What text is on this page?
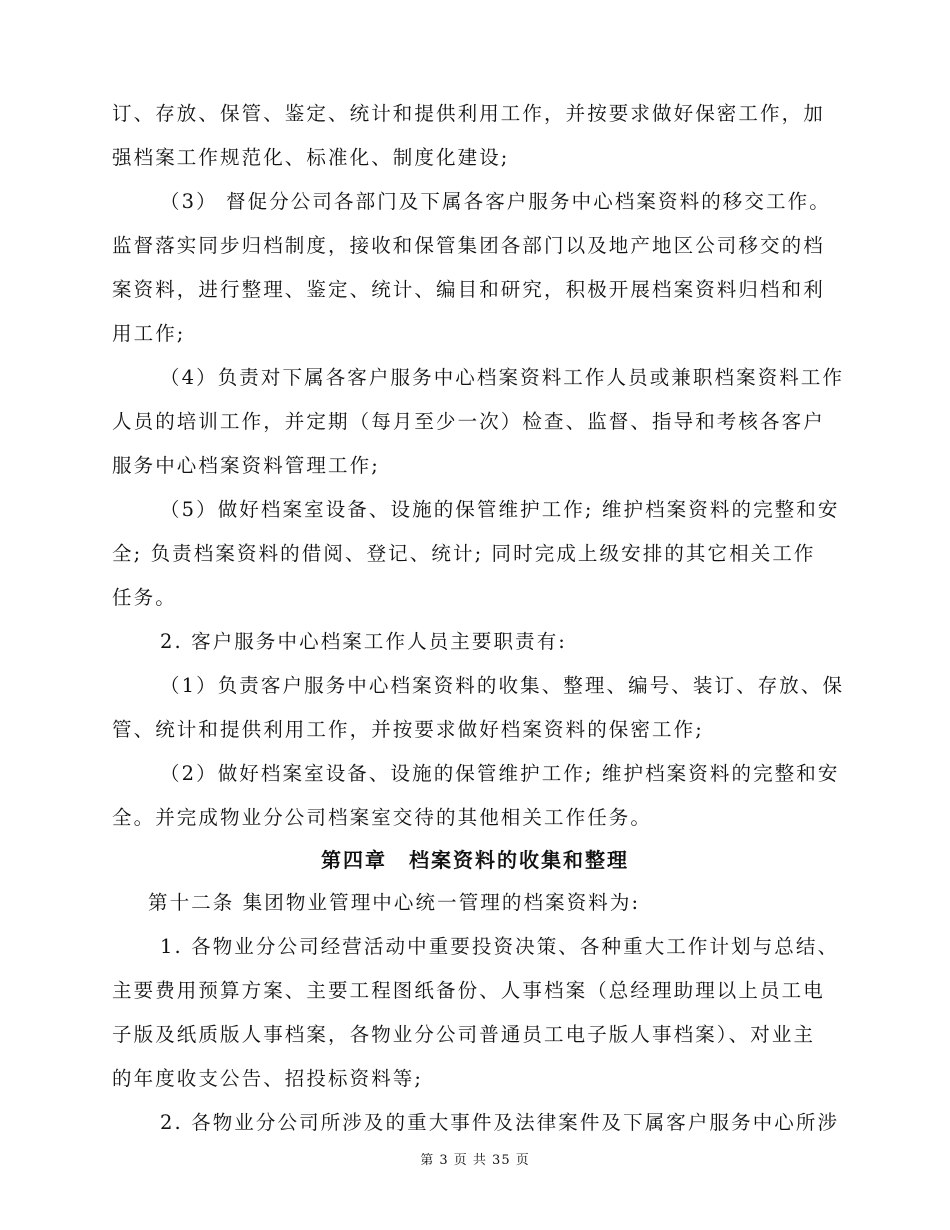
订、存放、保管、鉴定、统计和提供利用工作，并按要求做好保密工作，加
强档案工作规范化、标准化、制度化建设;
（3） 督促分公司各部门及下属各客户服务中心档案资料的移交工作。
监督落实同步归档制度，接收和保管集团各部门以及地产地区公司移交的档
案资料，进行整理、鉴定、统计、编目和研究，积极开展档案资料归档和利
用工作;
（4）负责对下属各客户服务中心档案资料工作人员或兼职档案资料工作
人员的培训工作，并定期（每月至少一次）检查、监督、指导和考核各客户
服务中心档案资料管理工作;
（5）做好档案室设备、设施的保管维护工作; 维护档案资料的完整和安
全; 负责档案资料的借阅、登记、统计; 同时完成上级安排的其它相关工作
任务。
2. 客户服务中心档案工作人员主要职责有:
（1）负责客户服务中心档案资料的收集、整理、编号、装订、存放、保
管、统计和提供利用工作，并按要求做好档案资料的保密工作;
（2）做好档案室设备、设施的保管维护工作; 维护档案资料的完整和安
全。并完成物业分公司档案室交待的其他相关工作任务。
第四章　档案资料的收集和整理
第十二条 集团物业管理中心统一管理的档案资料为:
1. 各物业分公司经营活动中重要投资决策、各种重大工作计划与总结、
主要费用预算方案、主要工程图纸备份、人事档案（总经理助理以上员工电
子版及纸质版人事档案，各物业分公司普通员工电子版人事档案）、对业主
的年度收支公告、招投标资料等;
2. 各物业分公司所涉及的重大事件及法律案件及下属客户服务中心所涉
第 3 页 共 35 页
